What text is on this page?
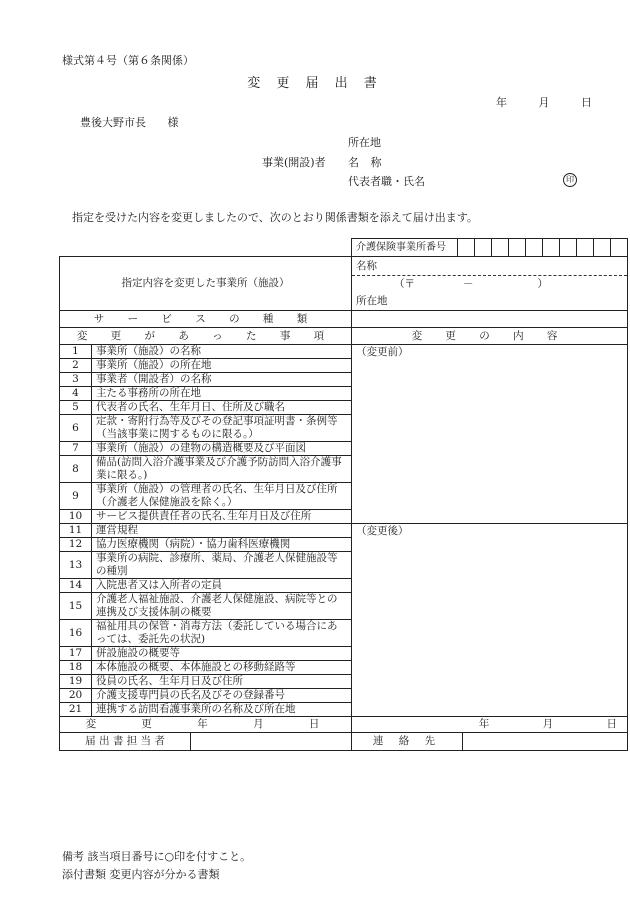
様式第４号（第６条関係）
変 更 届 出 書
年 月 日
豊後大野市長 様
所在地
事業(開設)者 名 称
代表者職・氏名	印
指定を受けた内容を変更しましたので、次のとおり関係書類を添えて届け出ます。

		介護保険事業所番号

指定内容を変更した事業所（施設）		名称
		（〒 － ）
		所在地
サ ー ビ ス の 種 類		
変 更 が あ っ た 事 項		変 更 の 内 容
1	事業所（施設）の名称	（変更前）
2	事業所（施設）の所在地	
3	事業者（開設者）の名称	
4	主たる事務所の所在地	
5	代表者の氏名、生年月日、住所及び職名	
6	定款・寄附行為等及びその登記事項証明書・条例等（当該事業に関するものに限る。）	
7	事業所（施設）の建物の構造概要及び平面図	
8	備品(訪問入浴介護事業及び介護予防訪問入浴介護事業に限る。)	
9	事業所（施設）の管理者の氏名、生年月日及び住所（介護老人保健施設を除く。）	
10	サービス提供責任者の氏名､生年月日及び住所	
11	運営規程	（変更後）
12	協力医療機関（病院）・協力歯科医療機関	
13	事業所の病院、診療所、薬局、介護老人保健施設等の種別	
14	入院患者又は入所者の定員	
15	介護老人福祉施設、介護老人保健施設、病院等との連携及び支援体制の概要	
16	福祉用具の保管・消毒方法（委託している場合にあっては、委託先の状況)	
17	併設施設の概要等	
18	本体施設の概要、本体施設との移動経路等	
19	役員の氏名、生年月日及び住所	
20	介護支援専門員の氏名及びその登録番号	
21	連携する訪問看護事業所の名称及び所在地	
変 更 年 月 日		年 月 日

届 出 書 担 当 者		連 絡 先
備考 該当項目番号に○印を付すこと。
添付書類 変更内容が分かる書類
